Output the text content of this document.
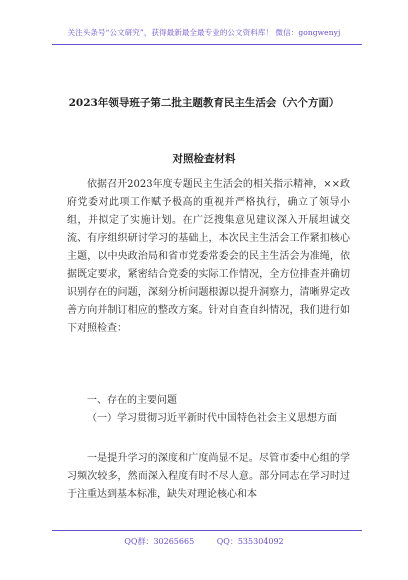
关注头条号“公文研究”，获得最新最全最专业的公文资料库！ 微信：gongwenyj
2023年领导班子第二批主题教育民主生活会（六个方面）
对照检查材料

依据召开2023年度专题民主生活会的相关指示精神，××政府党委对此项工作赋予极高的重视并严格执行，确立了领导小组，并拟定了实施计划。在广泛搜集意见建议深入开展坦诚交流、有序组织研讨学习的基础上，本次民主生活会工作紧扣核心主题，以中央政治局和省市党委常委会的民主生活会为准绳，依据既定要求，紧密结合党委的实际工作情况，全方位排查并确切识别存在的问题，深刻分析问题根源以提升洞察力，清晰界定改善方向并制订相应的整改方案。针对自查自纠情况，我们进行如下对照检查：

一、存在的主要问题

（一）学习贯彻习近平新时代中国特色社会主义思想方面

一是提升学习的深度和广度尚显不足。尽管市委中心组的学习频次较多，然而深入程度有时不尽人意。部分同志在学习时过于注重达到基本标准，缺失对理论核心和本

QQ群：30265665	QQ：535304092
